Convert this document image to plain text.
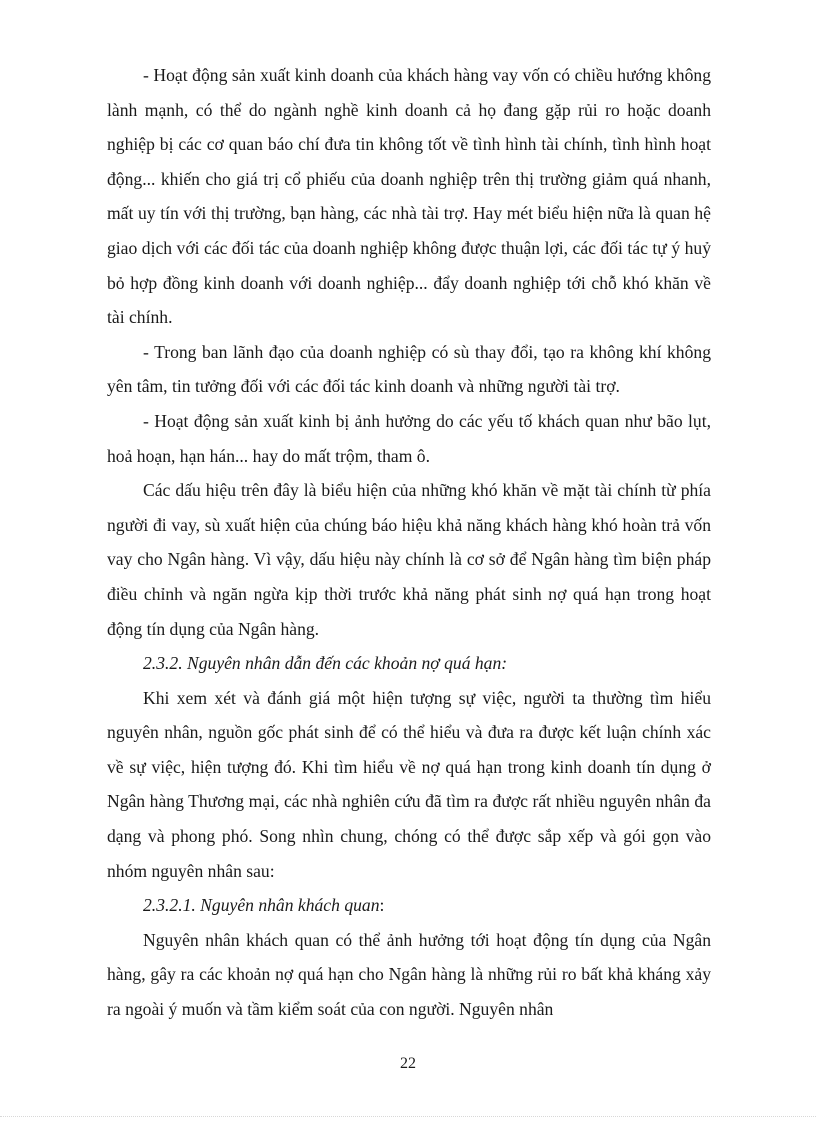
- Hoạt động sản xuất kinh doanh của khách hàng vay vốn có chiều hướng không lành mạnh, có thể do ngành nghề kinh doanh cả họ đang gặp rủi ro hoặc doanh nghiệp bị các cơ quan báo chí đưa tin không tốt về tình hình tài chính, tình hình hoạt động... khiến cho giá trị cổ phiếu của doanh nghiệp trên thị trường giảm quá nhanh, mất uy tín với thị trường, bạn hàng, các nhà tài trợ. Hay mét biểu hiện nữa là quan hệ giao dịch với các đối tác của doanh nghiệp không được thuận lợi, các đối tác tự ý huỷ bỏ hợp đồng kinh doanh với doanh nghiệp... đẩy doanh nghiệp tới chỗ khó khăn về tài chính.

- Trong ban lãnh đạo của doanh nghiệp có sù thay đổi, tạo ra không khí không yên tâm, tin tưởng đối với các đối tác kinh doanh và những người tài trợ.

- Hoạt động sản xuất kinh bị ảnh hưởng do các yếu tố khách quan như bão lụt, hoả hoạn, hạn hán... hay do mất trộm, tham ô.

Các dấu hiệu trên đây là biểu hiện của những khó khăn về mặt tài chính từ phía người đi vay, sù xuất hiện của chúng báo hiệu khả năng khách hàng khó hoàn trả vốn vay cho Ngân hàng. Vì vậy, dấu hiệu này chính là cơ sở để Ngân hàng tìm biện pháp điều chỉnh và ngăn ngừa kịp thời trước khả năng phát sinh nợ quá hạn trong hoạt động tín dụng của Ngân hàng.

2.3.2. Nguyên nhân dẫn đến các khoản nợ quá hạn:

Khi xem xét và đánh giá một hiện tượng sự việc, người ta thường tìm hiểu nguyên nhân, nguồn gốc phát sinh để có thể hiểu và đưa ra được kết luận chính xác về sự việc, hiện tượng đó. Khi tìm hiểu về nợ quá hạn trong kinh doanh tín dụng ở Ngân hàng Thương mại, các nhà nghiên cứu đã tìm ra được rất nhiều nguyên nhân đa dạng và phong phó. Song nhìn chung, chóng có thể được sắp xếp và gói gọn vào nhóm nguyên nhân sau:

2.3.2.1. Nguyên nhân khách quan:

Nguyên nhân khách quan có thể ảnh hưởng tới hoạt động tín dụng của Ngân hàng, gây ra các khoản nợ quá hạn cho Ngân hàng là những rủi ro bất khả kháng xảy ra ngoài ý muốn và tầm kiểm soát của con người. Nguyên nhân

22
